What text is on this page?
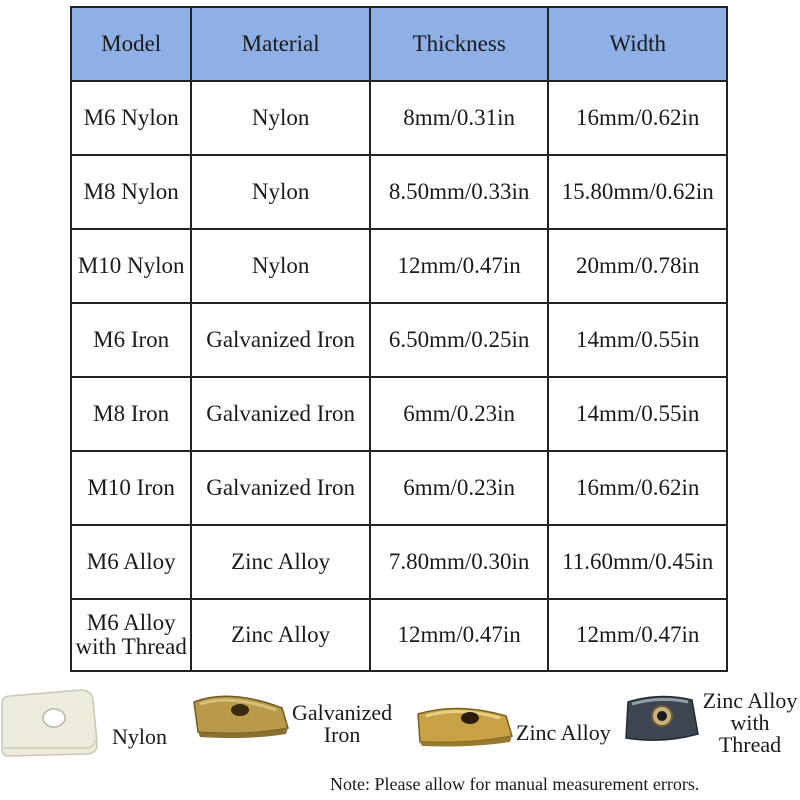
Model	Material	Thickness	Width
M6 Nylon	Nylon	8mm/0.31in	16mm/0.62in
M8 Nylon	Nylon	8.50mm/0.33in	15.80mm/0.62in
M10 Nylon	Nylon	12mm/0.47in	20mm/0.78in
M6 Iron	Galvanized Iron	6.50mm/0.25in	14mm/0.55in
M8 Iron	Galvanized Iron	6mm/0.23in	14mm/0.55in
M10 Iron	Galvanized Iron	6mm/0.23in	16mm/0.62in
M6 Alloy	Zinc Alloy	7.80mm/0.30in	11.60mm/0.45in
M6 Alloy with Thread	Zinc Alloy	12mm/0.47in	12mm/0.47in
Nylon
Galvanized
Iron	Zinc Alloy
Zinc Alloy
with
Thread
Note: Please allow for manual measurement errors.
